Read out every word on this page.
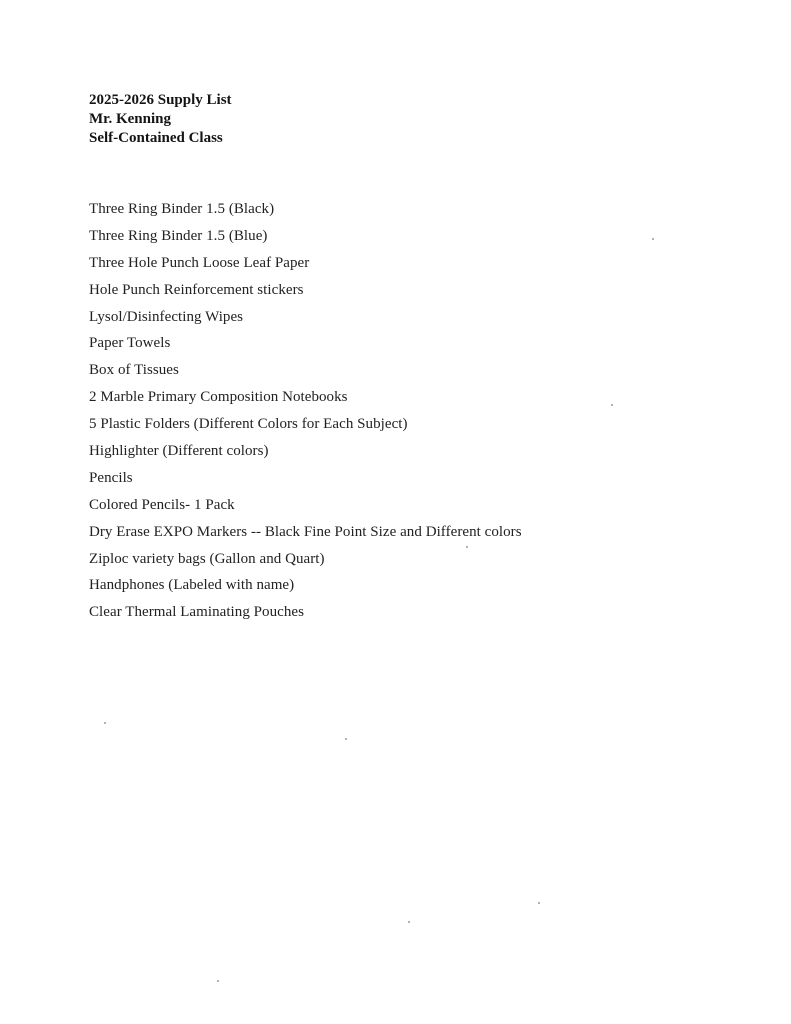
2025-2026 Supply List
Mr. Kenning
Self-Contained Class
Three Ring Binder 1.5 (Black)
Three Ring Binder 1.5 (Blue)
Three Hole Punch Loose Leaf Paper
Hole Punch Reinforcement stickers
Lysol/Disinfecting Wipes
Paper Towels
Box of Tissues
2 Marble Primary Composition Notebooks
5 Plastic Folders (Different Colors for Each Subject)
Highlighter (Different colors)
Pencils
Colored Pencils- 1 Pack
Dry Erase EXPO Markers -- Black Fine Point Size and Different colors
Ziploc variety bags (Gallon and Quart)
Handphones (Labeled with name)
Clear Thermal Laminating Pouches
